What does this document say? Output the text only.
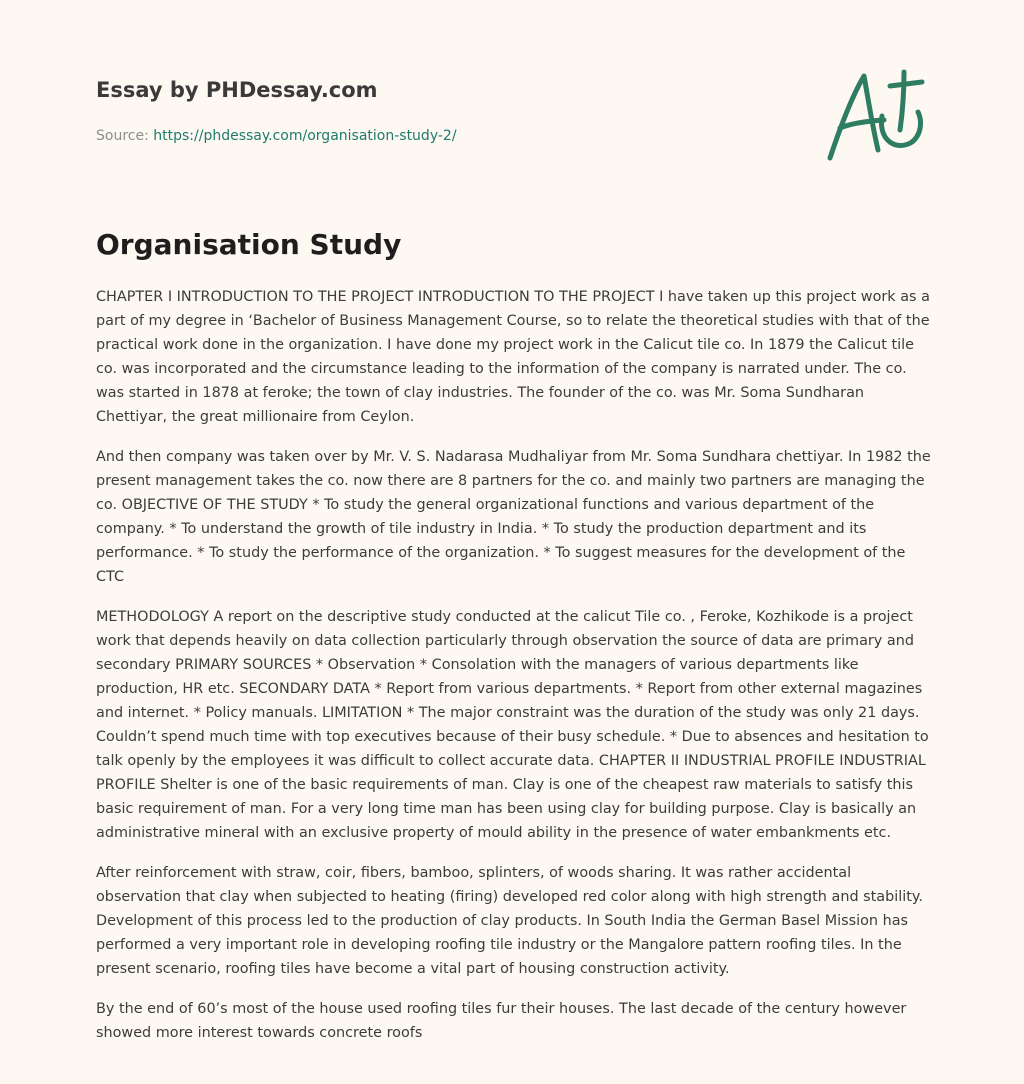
Essay by PHDessay.com
Source: https://phdessay.com/organisation-study-2/
Organisation Study

CHAPTER I INTRODUCTION TO THE PROJECT INTRODUCTION TO THE PROJECT I have taken up this project work as a part of my degree in ‘Bachelor of Business Management Course, so to relate the theoretical studies with that of the practical work done in the organization. I have done my project work in the Calicut tile co. In 1879 the Calicut tile co. was incorporated and the circumstance leading to the information of the company is narrated under. The co. was started in 1878 at feroke; the town of clay industries. The founder of the co. was Mr. Soma Sundharan Chettiyar, the great millionaire from Ceylon.

And then company was taken over by Mr. V. S. Nadarasa Mudhaliyar from Mr. Soma Sundhara chettiyar. In 1982 the present management takes the co. now there are 8 partners for the co. and mainly two partners are managing the co. OBJECTIVE OF THE STUDY * To study the general organizational functions and various department of the company. * To understand the growth of tile industry in India. * To study the production department and its performance. * To study the performance of the organization. * To suggest measures for the development of the CTC

METHODOLOGY A report on the descriptive study conducted at the calicut Tile co. , Feroke, Kozhikode is a project work that depends heavily on data collection particularly through observation the source of data are primary and secondary PRIMARY SOURCES * Observation * Consolation with the managers of various departments like production, HR etc. SECONDARY DATA * Report from various departments. * Report from other external magazines and internet. * Policy manuals. LIMITATION * The major constraint was the duration of the study was only 21 days. Couldn’t spend much time with top executives because of their busy schedule. * Due to absences and hesitation to talk openly by the employees it was difficult to collect accurate data. CHAPTER II INDUSTRIAL PROFILE INDUSTRIAL PROFILE Shelter is one of the basic requirements of man. Clay is one of the cheapest raw materials to satisfy this basic requirement of man. For a very long time man has been using clay for building purpose. Clay is basically an administrative mineral with an exclusive property of mould ability in the presence of water embankments etc.

After reinforcement with straw, coir, fibers, bamboo, splinters, of woods sharing. It was rather accidental observation that clay when subjected to heating (firing) developed red color along with high strength and stability. Development of this process led to the production of clay products. In South India the German Basel Mission has performed a very important role in developing roofing tile industry or the Mangalore pattern roofing tiles. In the present scenario, roofing tiles have become a vital part of housing construction activity.

By the end of 60’s most of the house used roofing tiles fur their houses. The last decade of the century however showed more interest towards concrete roofs
